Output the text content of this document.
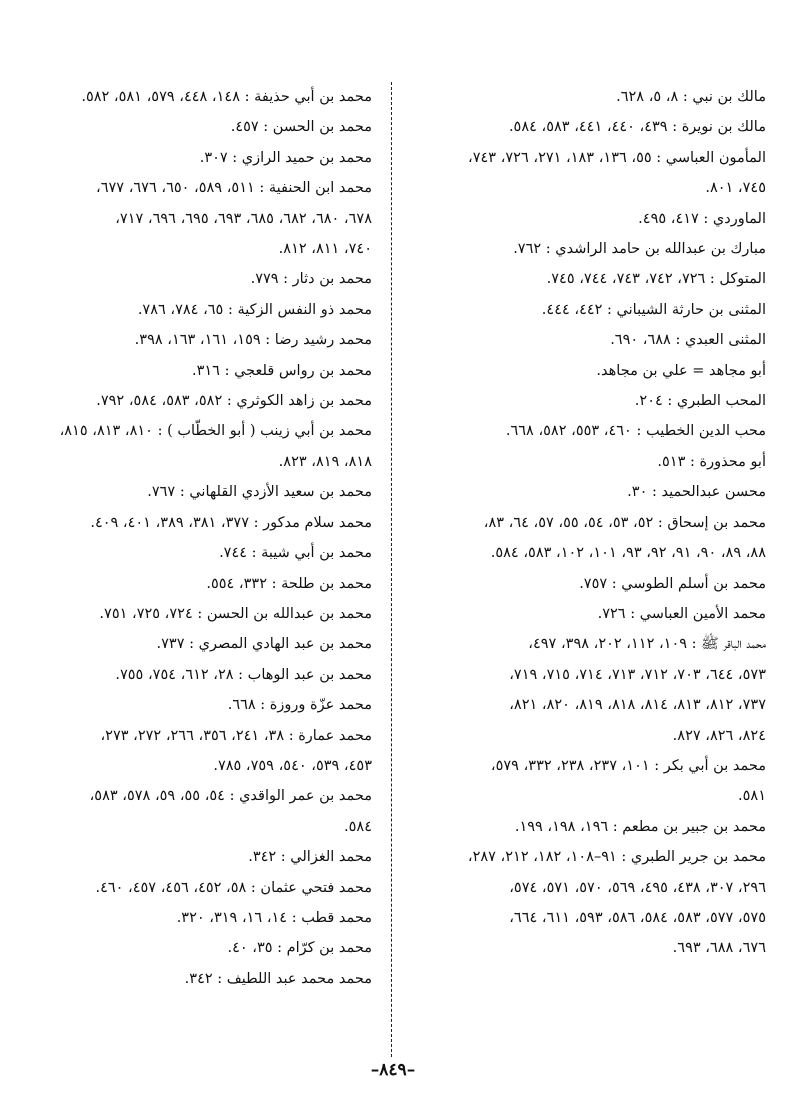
مالك بن نبي : ٨، ٥، ٦٢٨.
مالك بن نويرة : ٤٣٩، ٤٤٠، ٤٤١، ٥٨٣، ٥٨٤.
المأمون العباسي : ٥٥، ١٣٦، ١٨٣، ٢٧١، ٧٢٦، ٧٤٣،
٧٤٥، ٨٠١.
الماوردي : ٤١٧، ٤٩٥.
مبارك بن عبدالله بن حامد الراشدي : ٧٦٢.
المتوكل : ٧٢٦، ٧٤٢، ٧٤٣، ٧٤٤، ٧٤٥.
المثنى بن حارثة الشيباني : ٤٤٢، ٤٤٤.
المثنى العبدي : ٦٨٨، ٦٩٠.
أبو مجاهد = علي بن مجاهد.
المحب الطبري : ٢٠٤.
محب الدين الخطيب : ٤٦٠، ٥٥٣، ٥٨٢، ٦٦٨.
أبو محذورة : ٥١٣.
محسن عبدالحميد : ٣٠.
محمد بن إسحاق : ٥٢، ٥٣، ٥٤، ٥٥، ٥٧، ٦٤، ٨٣،
٨٨، ٨٩، ٩٠، ٩١، ٩٢، ٩٣، ١٠١، ١٠٢، ٥٨٣، ٥٨٤.
محمد بن أسلم الطوسي : ٧٥٧.
محمد الأمين العباسي : ٧٢٦.
محمد الباقر ﷺ : ١٠٩، ١١٢، ٢٠٢، ٣٩٨، ٤٩٧،
٥٧٣، ٦٤٤، ٧٠٣، ٧١٢، ٧١٣، ٧١٤، ٧١٥، ٧١٩،
٧٣٧، ٨١٢، ٨١٣، ٨١٤، ٨١٨، ٨١٩، ٨٢٠، ٨٢١،
٨٢٤، ٨٢٦، ٨٢٧.
محمد بن أبي بكر : ١٠١، ٢٣٧، ٢٣٨، ٣٣٢، ٥٧٩،
٥٨١.
محمد بن جبير بن مطعم : ١٩٦، ١٩٨، ١٩٩.
محمد بن جرير الطبري : ٩١–١٠٨، ١٨٢، ٢١٢، ٢٨٧،
٢٩٦، ٣٠٧، ٤٣٨، ٤٩٥، ٥٦٩، ٥٧٠، ٥٧١، ٥٧٤،
٥٧٥، ٥٧٧، ٥٨٣، ٥٨٤، ٥٨٦، ٥٩٣، ٦١١، ٦٦٤،
٦٧٦، ٦٨٨، ٦٩٣.
محمد بن أبي حذيفة : ١٤٨، ٤٤٨، ٥٧٩، ٥٨١، ٥٨٢.
محمد بن الحسن : ٤٥٧.
محمد بن حميد الرازي : ٣٠٧.
محمد ابن الحنفية : ٥١١، ٥٨٩، ٦٥٠، ٦٧٦، ٦٧٧،
٦٧٨، ٦٨٠، ٦٨٢، ٦٨٥، ٦٩٣، ٦٩٥، ٦٩٦، ٧١٧،
٧٤٠، ٨١١، ٨١٢.
محمد بن دثار : ٧٧٩.
محمد ذو النفس الزكية : ٦٥، ٧٨٤، ٧٨٦.
محمد رشيد رضا : ١٥٩، ١٦١، ١٦٣، ٣٩٨.
محمد بن رواس قلعجي : ٣١٦.
محمد بن زاهد الكوثري : ٥٨٢، ٥٨٣، ٥٨٤، ٧٩٢.
محمد بن أبي زينب ( أبو الخطّاب ) : ٨١٠، ٨١٣، ٨١٥،
٨١٨، ٨١٩، ٨٢٣.
محمد بن سعيد الأزدي القلهاني : ٧٦٧.
محمد سلام مدكور : ٣٧٧، ٣٨١، ٣٨٩، ٤٠١، ٤٠٩.
محمد بن أبي شيبة : ٧٤٤.
محمد بن طلحة : ٣٣٢، ٥٥٤.
محمد بن عبدالله بن الحسن : ٧٢٤، ٧٢٥، ٧٥١.
محمد بن عبد الهادي المصري : ٧٣٧.
محمد بن عبد الوهاب : ٢٨، ٦١٢، ٧٥٤، ٧٥٥.
محمد عزّة وروزة : ٦٦٨.
محمد عمارة : ٣٨، ٢٤١، ٣٥٦، ٢٦٦، ٢٧٢، ٢٧٣،
٤٥٣، ٥٣٩، ٥٤٠، ٧٥٩، ٧٨٥.
محمد بن عمر الواقدي : ٥٤، ٥٥، ٥٩، ٥٧٨، ٥٨٣،
٥٨٤.
محمد الغزالي : ٣٤٢.
محمد فتحي عثمان : ٥٨، ٤٥٢، ٤٥٦، ٤٥٧، ٤٦٠.
محمد قطب : ١٤، ١٦، ٣١٩، ٣٢٠.
محمد بن كرّام : ٣٥، ٤٠.
محمد محمد عبد اللطيف : ٣٤٢.
–٨٤٩–
